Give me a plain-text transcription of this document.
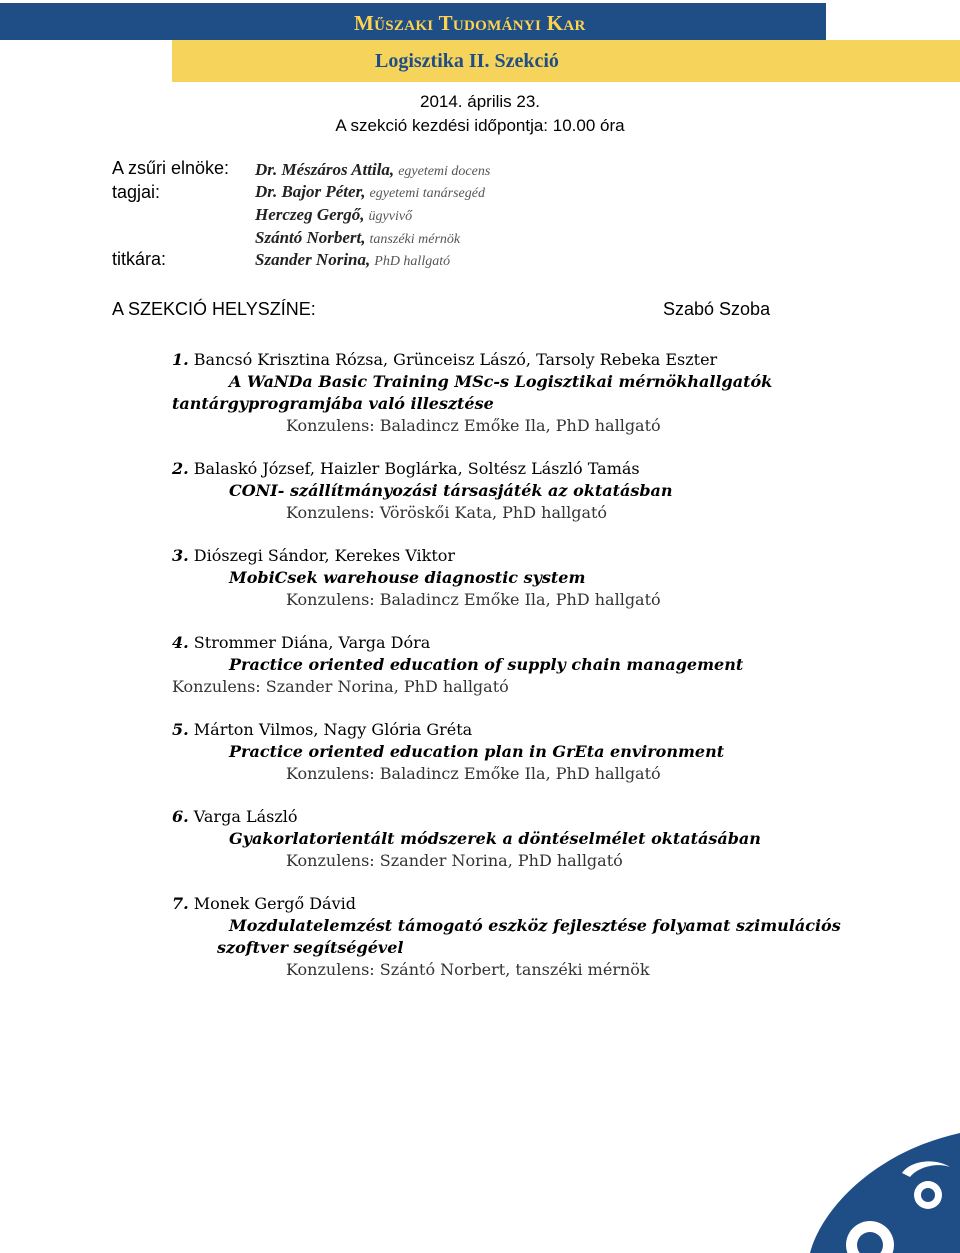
Műszaki Tudományi Kar
Logisztika II. Szekció
2014. április 23.
A szekció kezdési időpontja: 10.00 óra
A zsűri elnöke: Dr. Mészáros Attila, egyetemi docens
tagjai:	Dr. Bajor Péter, egyetemi tanársegéd
Herczeg Gergő, ügyvivő
Szántó Norbert, tanszéki mérnök
titkára:	Szander Norina, PhD hallgató
A SZEKCIÓ HELYSZÍNE:	Szabó Szoba
1. Bancsó Krisztina Rózsa, Grünceisz Lászó, Tarsoly Rebeka Eszter
A WaNDa Basic Training MSc-s Logisztikai mérnökhallgatók
tantárgyprogramjába való illesztése
Konzulens: Baladincz Emőke Ila, PhD hallgató
2. Balaskó József, Haizler Boglárka, Soltész László Tamás
CONI- szállítmányozási társasjáték az oktatásban
Konzulens: Vöröskői Kata, PhD hallgató
3. Diószegi Sándor, Kerekes Viktor
MobiCsek warehouse diagnostic system
Konzulens: Baladincz Emőke Ila, PhD hallgató
4. Strommer Diána, Varga Dóra
Practice oriented education of supply chain management
Konzulens: Szander Norina, PhD hallgató
5. Márton Vilmos, Nagy Glória Gréta
Practice oriented education plan in GrEta environment
Konzulens: Baladincz Emőke Ila, PhD hallgató
6. Varga László
Gyakorlatorientált módszerek a döntéselmélet oktatásában
Konzulens: Szander Norina, PhD hallgató
7. Monek Gergő Dávid
Mozdulatelemzést támogató eszköz fejlesztése folyamat szimulációs
szoftver segítségével
Konzulens: Szántó Norbert, tanszéki mérnök
